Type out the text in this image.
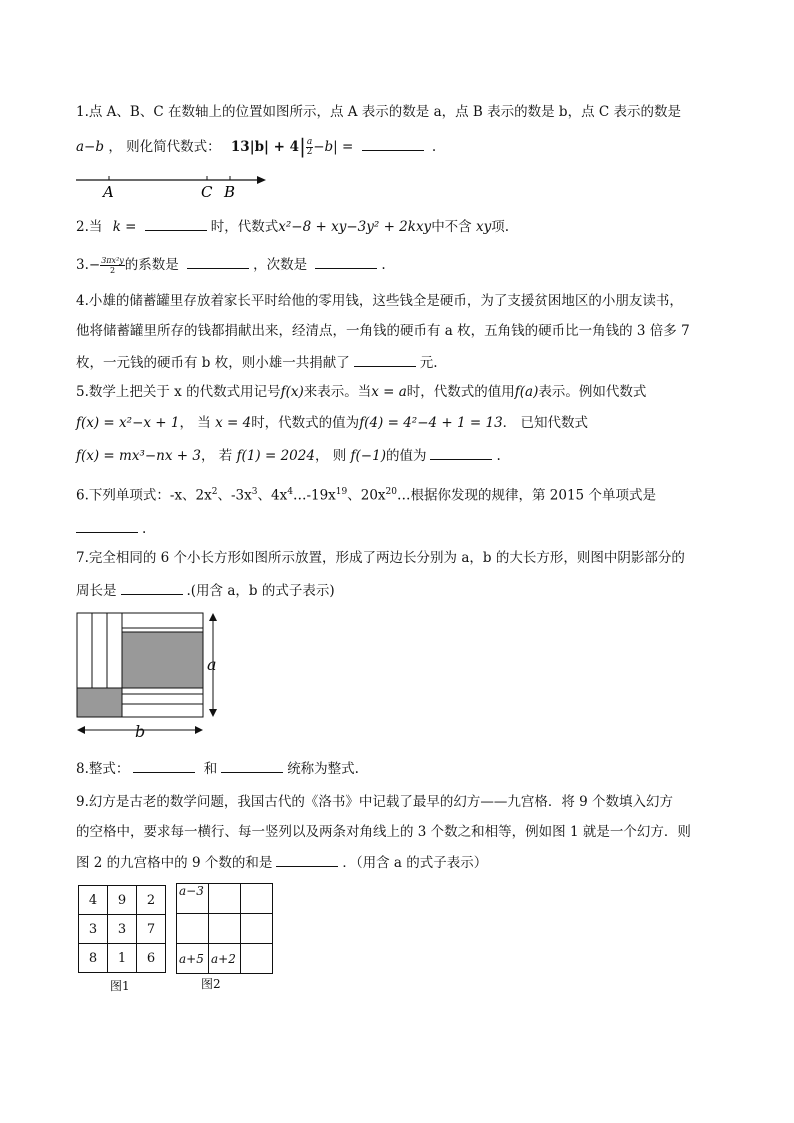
1.点 A、B、C 在数轴上的位置如图所示，点 A 表示的数是 a，点 B 表示的数是 b，点 C 表示的数是
a−b ， 则化简代数式： $13|b| + 4| \frac{a}{2} -b|$ =	.
A	C B
2.当 k =	时，代数式x²−8 + xy−3y² + 2kxy中不含 xy项.
$3.- \frac{\text{3πx²y}}{2}$ 的系数是	，次数是	.
4.小雄的储蓄罐里存放着家长平时给他的零用钱，这些钱全是硬币，为了支援贫困地区的小朋友读书，
他将储蓄罐里所存的钱都捐献出来，经清点，一角钱的硬币有 a 枚，五角钱的硬币比一角钱的 3 倍多 7
枚，一元钱的硬币有 b 枚，则小雄一共捐献了	元.
5.数学上把关于 x 的代数式用记号f(x)来表示。当x = a时，代数式的值用f(a)表示。例如代数式
f(x) = x²−x + 1， 当 x = 4时，代数式的值为f(4) = 4²−4 + 1 = 13． 已知代数式
f(x) = mx³−nx + 3， 若 f(1) = 2024， 则 f(−1)的值为	.
6.下列单项式：-x、$2x^2$、$-3x^3$、$4x^4\dots-19x^{19}$、$20x^{20}\dots$根据你发现的规律，第 2015 个单项式是
.
7.完全相同的 6 个小长方形如图所示放置，形成了两边长分别为 a，b 的大长方形，则图中阴影部分的
周长是	.(用含 a，b 的式子表示)
a
b
8.整式：	和	统称为整式.
9.幻方是古老的数学问题，我国古代的《洛书》中记载了最早的幻方——九宫格．将 9 个数填入幻方
的空格中，要求每一横行、每一竖列以及两条对角线上的 3 个数之和相等，例如图 1 就是一个幻方．则
图 2 的九宫格中的 9 个数的和是	．（用含 a 的式子表示）
4	9	2
3	3	7
8	1	6
图1
a−3		

a+5	a+2	
图2
